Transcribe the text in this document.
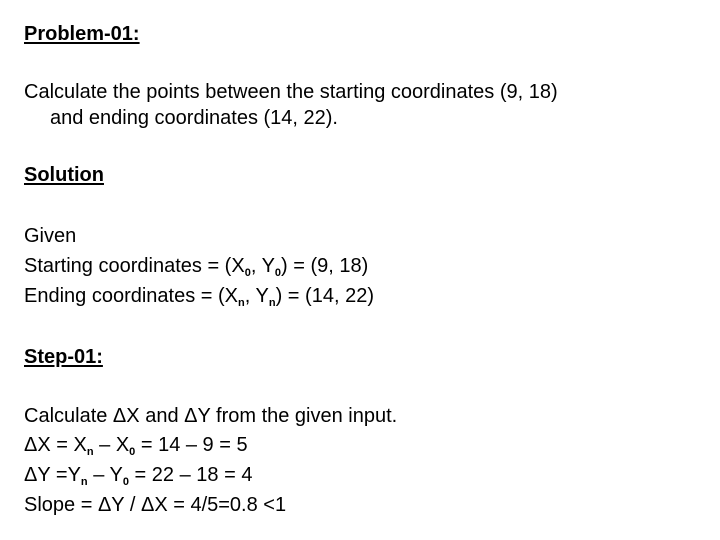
Problem-01:
Calculate the points between the starting coordinates (9, 18)
and ending coordinates (14, 22).
Solution
Given
Starting coordinates = ($X_0$, $Y_0) = (9$, 18)
Ending coordinates = ($X_n$, $Y_n) = (14$, 22)
Step-01:
Calculate ΔX and ΔY from the given input.
$\Delta X = X_n - X_0 = 14 - 9 = 5$
$\Delta Y =Y_n - Y_0 = 22 - 18 = 4$
Slope = ΔY / ΔX = 4/5=0.8 <1
